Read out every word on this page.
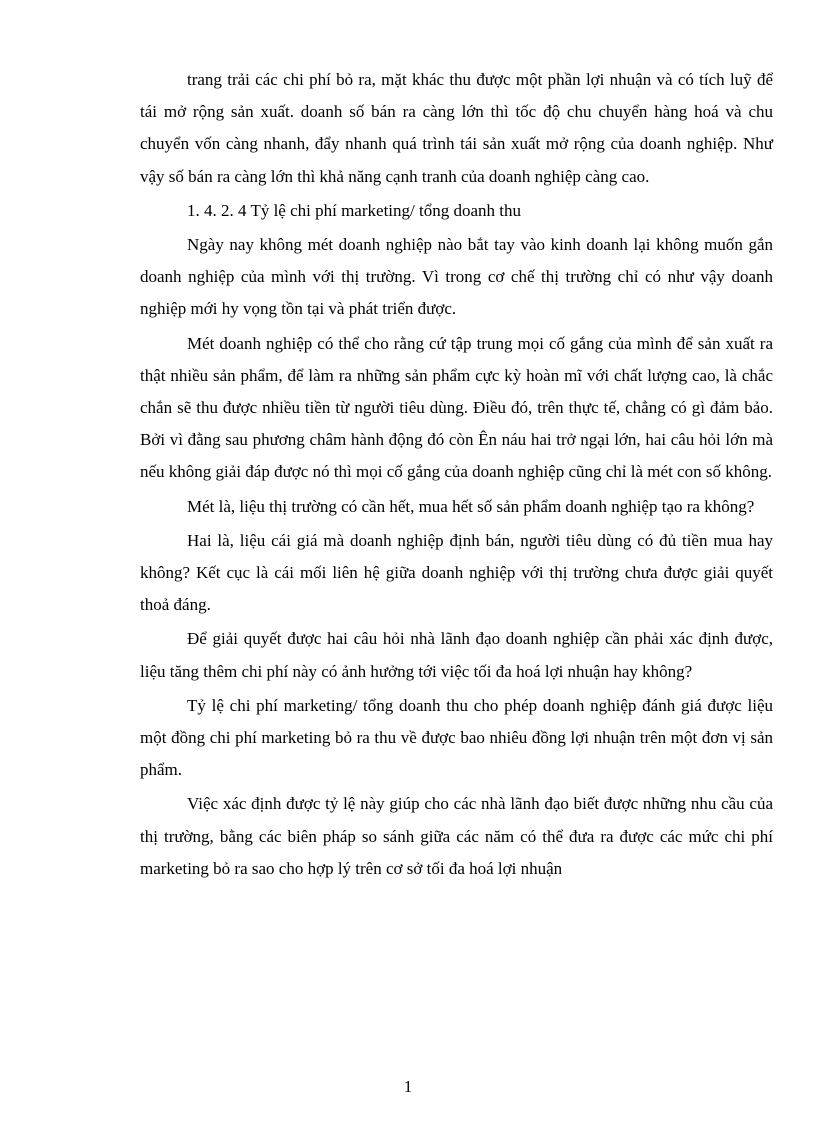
trang trải các chi phí bỏ ra, mặt khác thu được một phần lợi nhuận và có tích luỹ để tái mở rộng sản xuất. doanh số bán ra càng lớn thì tốc độ chu chuyển hàng hoá và chu chuyển vốn càng nhanh, đẩy nhanh quá trình tái sản xuất mở rộng của doanh nghiệp. Như vậy số bán ra càng lớn thì khả năng cạnh tranh của doanh nghiệp càng cao.

1. 4. 2. 4 Tỷ lệ chi phí marketing/ tổng doanh thu

Ngày nay không mét doanh nghiệp nào bắt tay vào kinh doanh lại không muốn gắn doanh nghiệp của mình với thị trường. Vì trong cơ chế thị trường chỉ có như vậy doanh nghiệp mới hy vọng tồn tại và phát triển được.

Mét doanh nghiệp có thể cho rằng cứ tập trung mọi cố gắng của mình để sản xuất ra thật nhiều sản phẩm, để làm ra những sản phẩm cực kỳ hoàn mĩ với chất lượng cao, là chắc chắn sẽ thu được nhiều tiền từ người tiêu dùng. Điều đó, trên thực tế, chẳng có gì đảm bảo. Bởi vì đằng sau phương châm hành động đó còn Ên náu hai trở ngại lớn, hai câu hỏi lớn mà nếu không giải đáp được nó thì mọi cố gắng của doanh nghiệp cũng chỉ là mét con số không.

Mét là, liệu thị trường có cần hết, mua hết số sản phẩm doanh nghiệp tạo ra không?

Hai là, liệu cái giá mà doanh nghiệp định bán, người tiêu dùng có đủ tiền mua hay không? Kết cục là cái mối liên hệ giữa doanh nghiệp với thị trường chưa được giải quyết thoả đáng.

Để giải quyết được hai câu hỏi nhà lãnh đạo doanh nghiệp cần phải xác định được, liệu tăng thêm chi phí này có ảnh hưởng tới việc tối đa hoá lợi nhuận hay không?

Tỷ lệ chi phí marketing/ tổng doanh thu cho phép doanh nghiệp đánh giá được liệu một đồng chi phí marketing bỏ ra thu về được bao nhiêu đồng lợi nhuận trên một đơn vị sản phẩm.

Việc xác định được tỷ lệ này giúp cho các nhà lãnh đạo biết được những nhu cầu của thị trường, bằng các biên pháp so sánh giữa các năm có thể đưa ra được các mức chi phí marketing bỏ ra sao cho hợp lý trên cơ sở tối đa hoá lợi nhuận

1
